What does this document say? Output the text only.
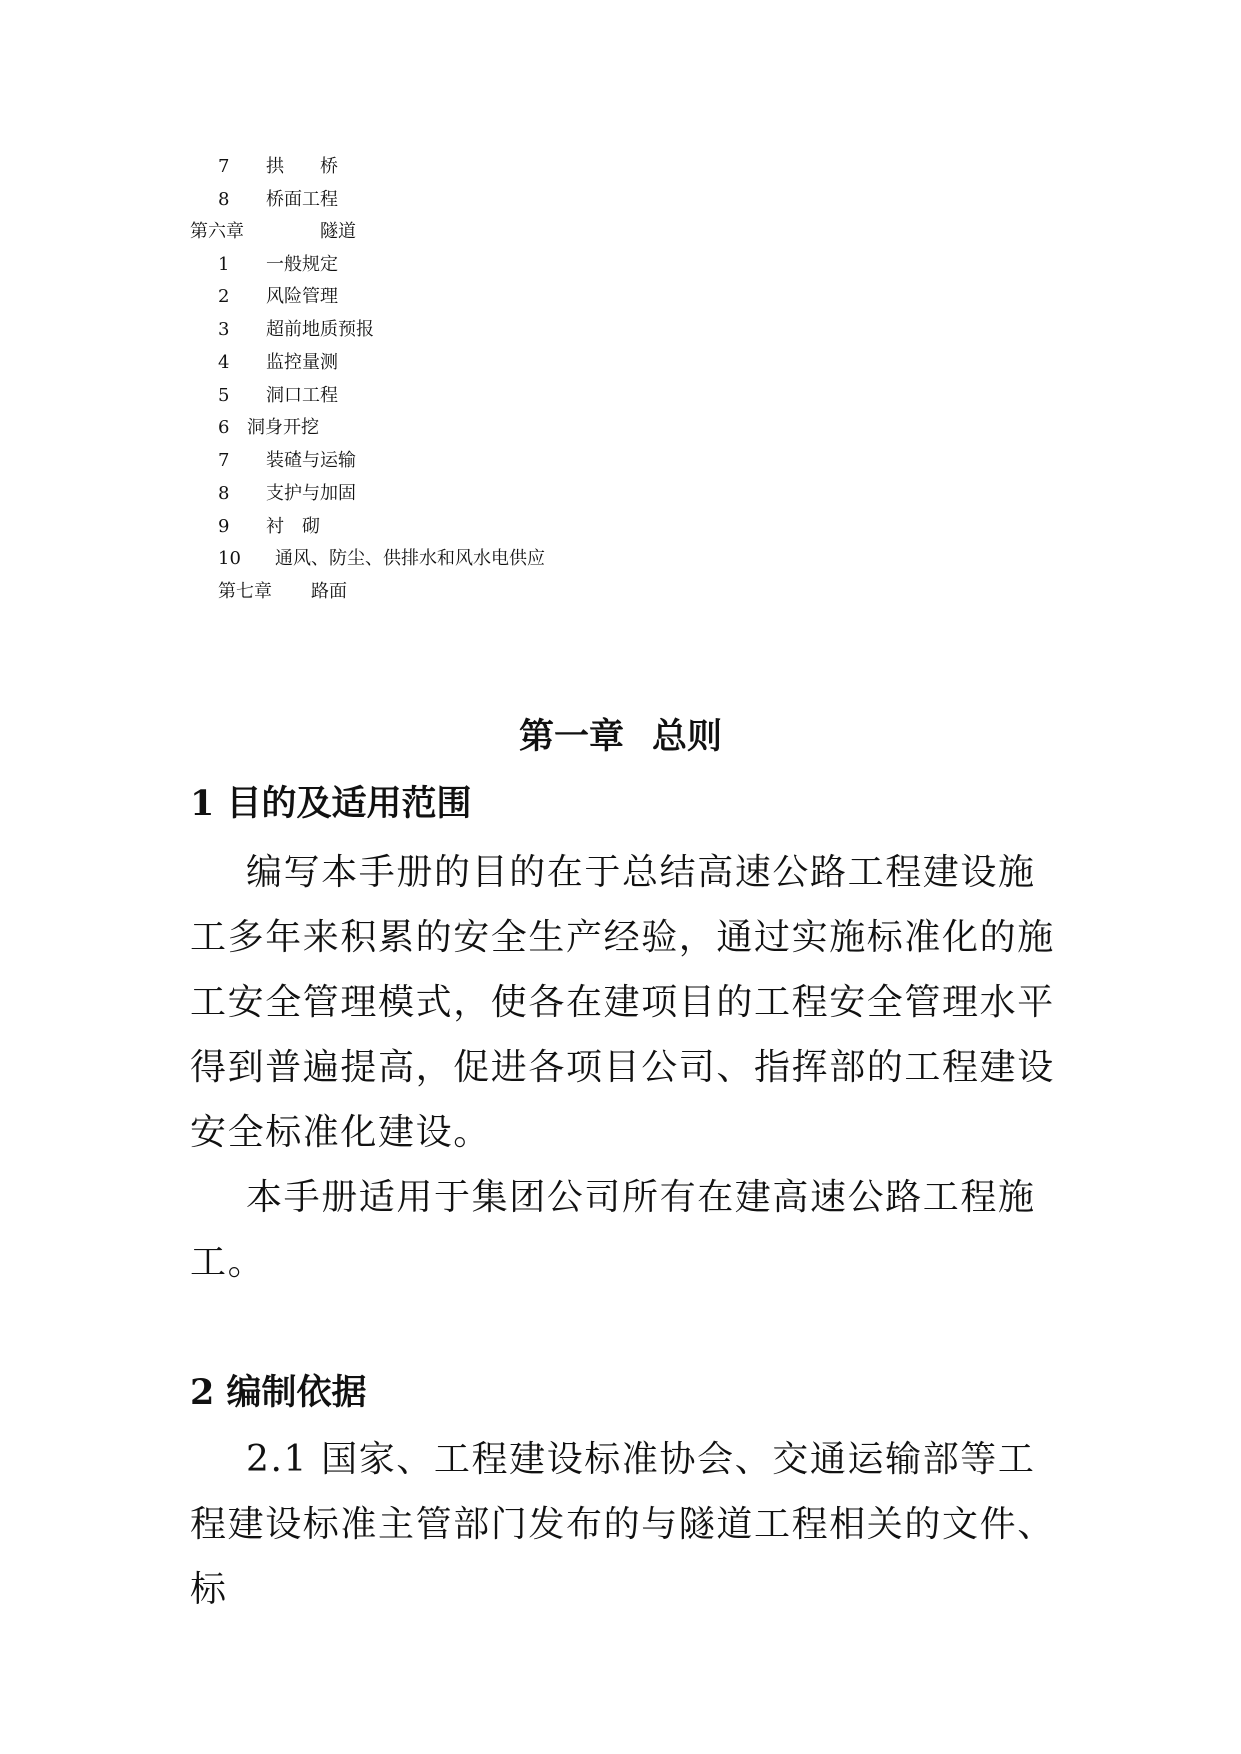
7 拱　　桥
8 桥面工程
第六章	隧道
1 一般规定
2 风险管理
3 超前地质预报
4 监控量测
5 洞口工程
6 洞身开挖
7 装碴与运输
8 支护与加固
9 衬　砌
10 通风、防尘、供排水和风水电供应
第七章 路面
第一章 总则
1 目的及适用范围
编写本手册的目的在于总结高速公路工程建设施工多年来积累的安全生产经验，通过实施标准化的施工安全管理模式，使各在建项目的工程安全管理水平得到普遍提高，促进各项目公司、指挥部的工程建设安全标准化建设。
本手册适用于集团公司所有在建高速公路工程施工。
2 编制依据
2.1 国家、工程建设标准协会、交通运输部等工程建设标准主管部门发布的与隧道工程相关的文件、标
